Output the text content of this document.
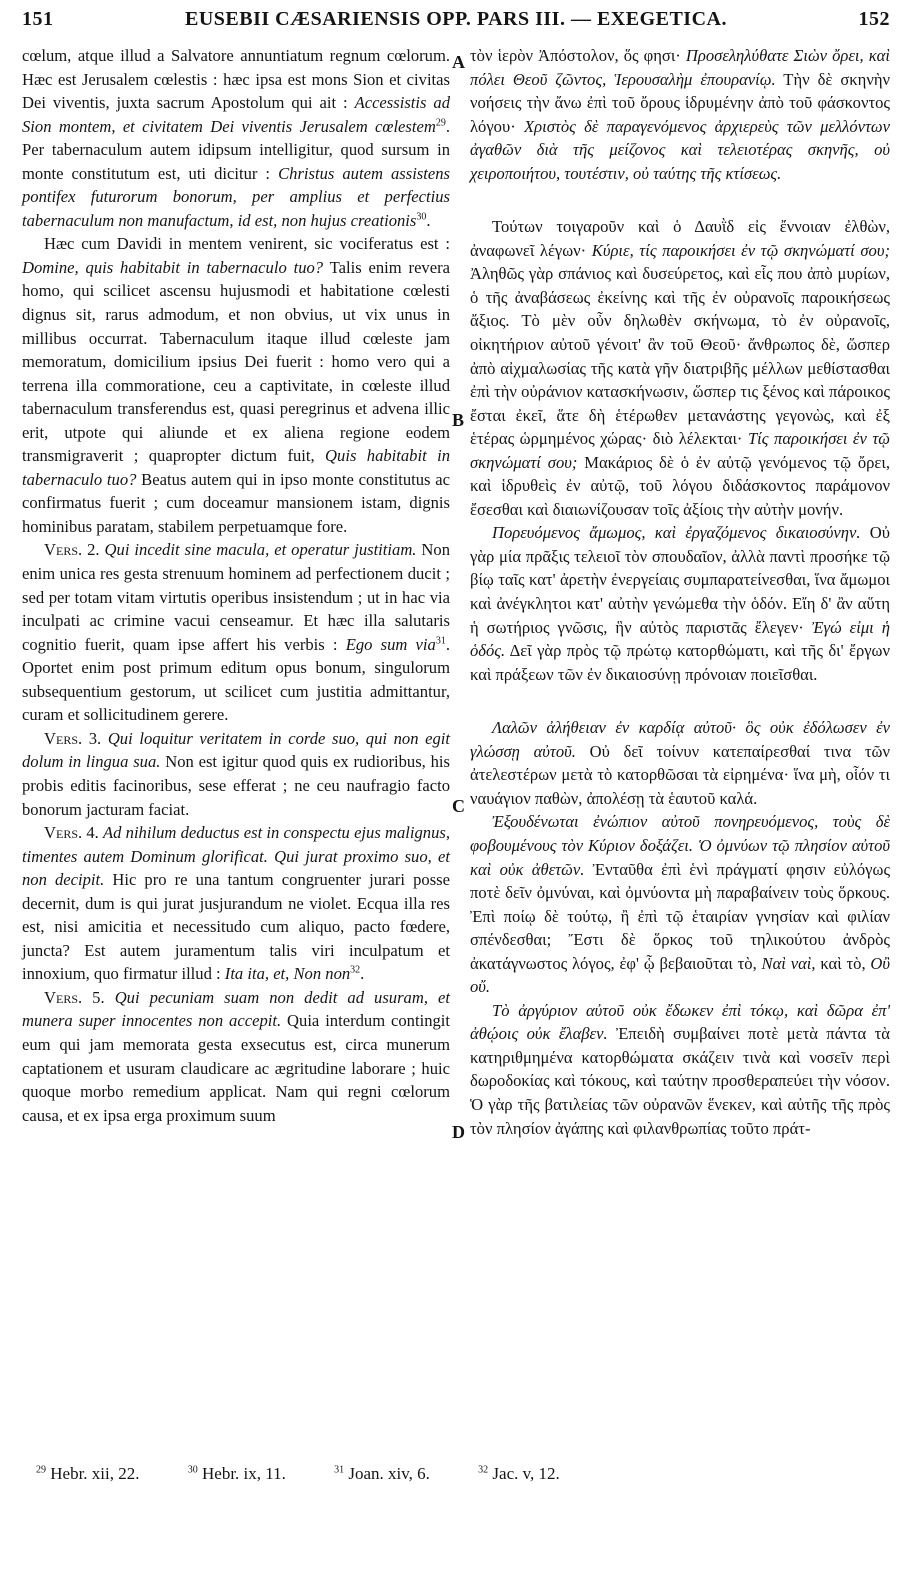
151	EUSEBII CÆSARIENSIS OPP. PARS III. — EXEGETICA.	152
A
B
C
D

cœlum, atque illud a Salvatore annuntiatum regnum cœlorum. Hæc est Jerusalem cœlestis : hæc ipsa est mons Sion et civitas Dei viventis, juxta sacrum Apostolum qui ait : Accessistis ad Sion montem, et civitatem Dei viventis Jerusalem cœlestem$^{29}$. Per tabernaculum autem idipsum intelligitur, quod sursum in monte constitutum est, uti dicitur : Christus autem assistens pontifex futurorum bonorum, per amplius et perfectius tabernaculum non manufactum, id est, non hujus creationis$^{30}$.

Hæc cum Davidi in mentem venirent, sic vociferatus est : Domine, quis habitabit in tabernaculo tuo? Talis enim revera homo, qui scilicet ascensu hujusmodi et habitatione cœlesti dignus sit, rarus admodum, et non obvius, ut vix unus in millibus occurrat. Tabernaculum itaque illud cœleste jam memoratum, domicilium ipsius Dei fuerit : homo vero qui a terrena illa commoratione, ceu a captivitate, in cœleste illud tabernaculum transferendus est, quasi peregrinus et advena illic erit, utpote qui aliunde et ex aliena regione eodem transmigraverit ; quapropter dictum fuit, Quis habitabit in tabernaculo tuo? Beatus autem qui in ipso monte constitutus ac confirmatus fuerit ; cum doceamur mansionem istam, dignis hominibus paratam, stabilem perpetuamque fore.

Vers. 2. Qui incedit sine macula, et operatur justitiam. Non enim unica res gesta strenuum hominem ad perfectionem ducit ; sed per totam vitam virtutis operibus insistendum ; ut in hac via inculpati ac crimine vacui censeamur. Et hæc illa salutaris cognitio fuerit, quam ipse affert his verbis : Ego sum via$^{31}$. Oportet enim post primum editum opus bonum, singulorum subsequentium gestorum, ut scilicet cum justitia admittantur, curam et sollicitudinem gerere.

Vers. 3. Qui loquitur veritatem in corde suo, qui non egit dolum in lingua sua. Non est igitur quod quis ex rudioribus, his probis editis facinoribus, sese efferat ; ne ceu naufragio facto bonorum jacturam faciat.

Vers. 4. Ad nihilum deductus est in conspectu ejus malignus, timentes autem Dominum glorificat. Qui jurat proximo suo, et non decipit. Hic pro re una tantum congruenter jurari posse decernit, dum is qui jurat jusjurandum ne violet. Ecqua illa res est, nisi amicitia et necessitudo cum aliquo, pacto fœdere, juncta? Est autem juramentum talis viri inculpatum et innoxium, quo firmatur illud : Ita ita, et, Non non$^{32}$.

Vers. 5. Qui pecuniam suam non dedit ad usuram, et munera super innocentes non accepit. Quia interdum contingit eum qui jam memorata gesta exsecutus est, circa munerum captationem et usuram claudicare ac ægritudine laborare ; huic quoque morbo remedium applicat. Nam qui regni cœlorum causa, et ex ipsa erga proximum suum

τὸν ἱερὸν Ἀπόστολον, ὅς φησι· Προσεληλύθατε Σιὼν ὄρει, καὶ πόλει Θεοῦ ζῶντος, Ἱερουσαλὴμ ἐπουρανίῳ. Τὴν δὲ σκηνὴν νοήσεις τὴν ἄνω ἐπὶ τοῦ ὄρους ἱδρυμένην ἀπὸ τοῦ φάσκοντος λόγου· Χριστὸς δὲ παραγενόμενος ἀρχιερεὺς τῶν μελλόντων ἀγαθῶν διὰ τῆς μείζονος καὶ τελειοτέρας σκηνῆς, οὐ χειροποιήτου, τουτέστιν, οὐ ταύτης τῆς κτίσεως.

Τούτων τοιγαροῦν καὶ ὁ Δαυῒδ εἰς ἔννοιαν ἐλθὼν, ἀναφωνεῖ λέγων· Κύριε, τίς παροικήσει ἐν τῷ σκηνώματί σου; Ἀληθῶς γὰρ σπάνιος καὶ δυσεύρετος, καὶ εἷς που ἀπὸ μυρίων, ὁ τῆς ἀναβάσεως ἐκείνης καὶ τῆς ἐν οὐρανοῖς παροικήσεως ἄξιος. Τὸ μὲν οὖν δηλωθὲν σκήνωμα, τὸ ἐν οὐρανοῖς, οἰκητήριον αὐτοῦ γένοιτ' ἂν τοῦ Θεοῦ· ἄνθρωπος δὲ, ὥσπερ ἀπὸ αἰχμαλωσίας τῆς κατὰ γῆν διατριβῆς μέλλων μεθίστασθαι ἐπὶ τὴν οὐράνιον κατασκήνωσιν, ὥσπερ τις ξένος καὶ πάροικος ἔσται ἐκεῖ, ἅτε δὴ ἑτέρωθεν μετανάστης γεγονὼς, καὶ ἐξ ἑτέρας ὡρμημένος χώρας· διὸ λέλεκται· Τίς παροικήσει ἐν τῷ σκηνώματί σου; Μακάριος δὲ ὁ ἐν αὐτῷ γενόμενος τῷ ὄρει, καὶ ἱδρυθεὶς ἐν αὐτῷ, τοῦ λόγου διδάσκοντος παράμονον ἔσεσθαι καὶ διαιωνίζουσαν τοῖς ἀξίοις τὴν αὐτὴν μονήν.

Πορευόμενος ἄμωμος, καὶ ἐργαζόμενος δικαιοσύνην. Οὐ γὰρ μία πρᾶξις τελειοῖ τὸν σπουδαῖον, ἀλλὰ παντὶ προσήκε τῷ βίῳ ταῖς κατ' ἀρετὴν ἐνεργείαις συμπαρατείνεσθαι, ἵνα ἄμωμοι καὶ ἀνέγκλητοι κατ' αὐτὴν γενώμεθα τὴν ὁδόν. Εἴη δ' ἂν αὕτη ἡ σωτήριος γνῶσις, ἣν αὐτὸς παριστᾶς ἔλεγεν· Ἐγώ εἰμι ἡ ὁδός. Δεῖ γὰρ πρὸς τῷ πρώτῳ κατορθώματι, καὶ τῆς δι' ἔργων καὶ πράξεων τῶν ἐν δικαιοσύνῃ πρόνοιαν ποιεῖσθαι.

Λαλῶν ἀλήθειαν ἐν καρδίᾳ αὐτοῦ· ὃς οὐκ ἐδόλωσεν ἐν γλώσσῃ αὐτοῦ. Οὐ δεῖ τοίνυν κατεπαίρεσθαί τινα τῶν ἀτελεστέρων μετὰ τὸ κατορθῶσαι τὰ εἰρημένα· ἵνα μὴ, οἷόν τι ναυάγιον παθὼν, ἀπολέσῃ τὰ ἑαυτοῦ καλά.

Ἐξουδένωται ἐνώπιον αὐτοῦ πονηρευόμενος, τοὺς δὲ φοβουμένους τὸν Κύριον δοξάζει. Ὁ ὀμνύων τῷ πλησίον αὐτοῦ καὶ οὐκ ἀθετῶν. Ἐνταῦθα ἐπὶ ἑνὶ πράγματί φησιν εὐλόγως ποτὲ δεῖν ὀμνύναι, καὶ ὀμνύοντα μὴ παραβαίνειν τοὺς ὅρκους. Ἐπὶ ποίῳ δὲ τούτῳ, ἢ ἐπὶ τῷ ἑταιρίαν γνησίαν καὶ φιλίαν σπένδεσθαι; Ἔστι δὲ ὅρκος τοῦ τηλικούτου ἀνδρὸς ἀκατάγνωστος λόγος, ἐφ' ᾧ βεβαιοῦται τὸ, Ναὶ ναὶ, καὶ τὸ, Οὒ οὔ.

Τὸ ἀργύριον αὐτοῦ οὐκ ἔδωκεν ἐπὶ τόκῳ, καὶ δῶρα ἐπ' ἀθῴοις οὐκ ἔλαβεν. Ἐπειδὴ συμβαίνει ποτὲ μετὰ πάντα τὰ κατηριθμημένα κατορθώματα σκάζειν τινὰ καὶ νοσεῖν περὶ δωροδοκίας καὶ τόκους, καὶ ταύτην προσθεραπεύει τὴν νόσον. Ὁ γὰρ τῆς βατιλείας τῶν οὐρανῶν ἕνεκεν, καὶ αὐτῆς τῆς πρὸς τὸν πλησίον ἀγάπης καὶ φιλανθρωπίας τοῦτο πράτ-

$^{29}$ Hebr. xii, 22.	$^{30}$ Hebr. ix, 11.	$^{31}$ Joan. xiv, 6.	$^{32}$ Jac. v, 12.
